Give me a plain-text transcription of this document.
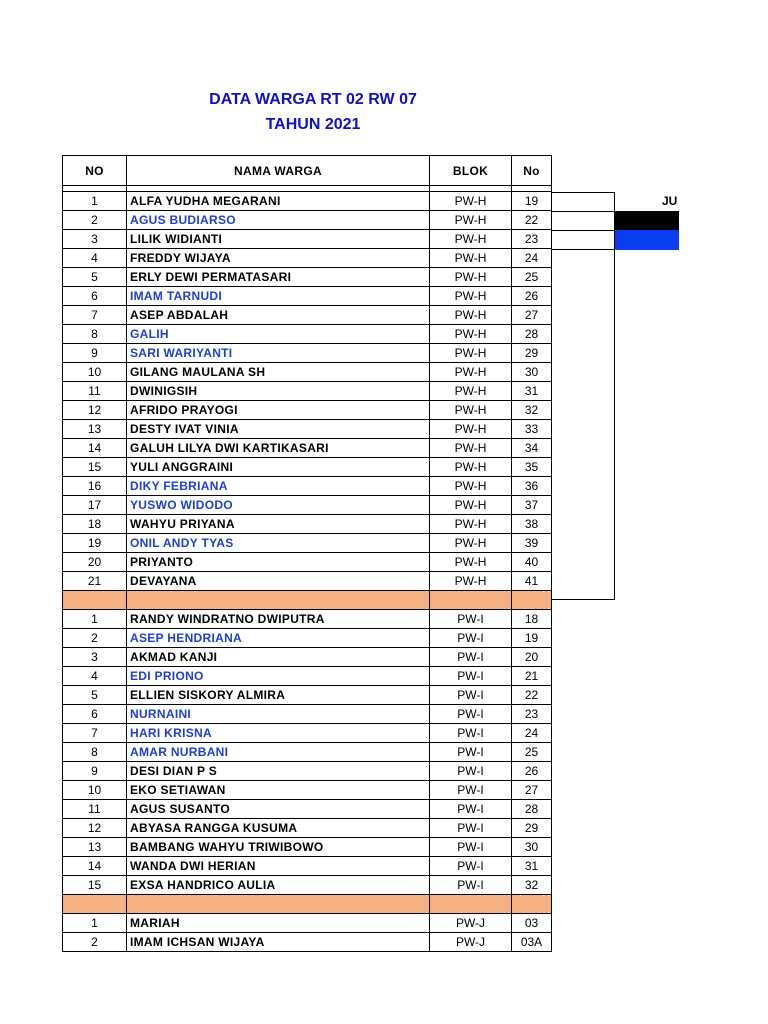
DATA WARGA RT 02 RW 07
TAHUN 2021
NO	NAMA WARGA	BLOK	No

1	ALFA YUDHA MEGARANI	PW-H	19
2	AGUS BUDIARSO	PW-H	22
3	LILIK WIDIANTI	PW-H	23
4	FREDDY WIJAYA	PW-H	24
5	ERLY DEWI PERMATASARI	PW-H	25
6	IMAM TARNUDI	PW-H	26
7	ASEP ABDALAH	PW-H	27
8	GALIH	PW-H	28
9	SARI WARIYANTI	PW-H	29
10	GILANG MAULANA SH	PW-H	30
11	DWINIGSIH	PW-H	31
12	AFRIDO PRAYOGI	PW-H	32
13	DESTY IVAT VINIA	PW-H	33
14	GALUH LILYA DWI KARTIKASARI	PW-H	34
15	YULI ANGGRAINI	PW-H	35
16	DIKY FEBRIANA	PW-H	36
17	YUSWO WIDODO	PW-H	37
18	WAHYU PRIYANA	PW-H	38
19	ONIL ANDY TYAS	PW-H	39
20	PRIYANTO	PW-H	40
21	DEVAYANA	PW-H	41

1	RANDY WINDRATNO DWIPUTRA	PW-I	18
2	ASEP HENDRIANA	PW-I	19
3	AKMAD KANJI	PW-I	20
4	EDI PRIONO	PW-I	21
5	ELLIEN SISKORY ALMIRA	PW-I	22
6	NURNAINI	PW-I	23
7	HARI KRISNA	PW-I	24
8	AMAR NURBANI	PW-I	25
9	DESI DIAN P S	PW-I	26
10	EKO SETIAWAN	PW-I	27
11	AGUS SUSANTO	PW-I	28
12	ABYASA RANGGA KUSUMA	PW-I	29
13	BAMBANG WAHYU TRIWIBOWO	PW-I	30
14	WANDA DWI HERIAN	PW-I	31
15	EXSA HANDRICO AULIA	PW-I	32

1	MARIAH	PW-J	03
2	IMAM ICHSAN WIJAYA	PW-J	03A
JU
